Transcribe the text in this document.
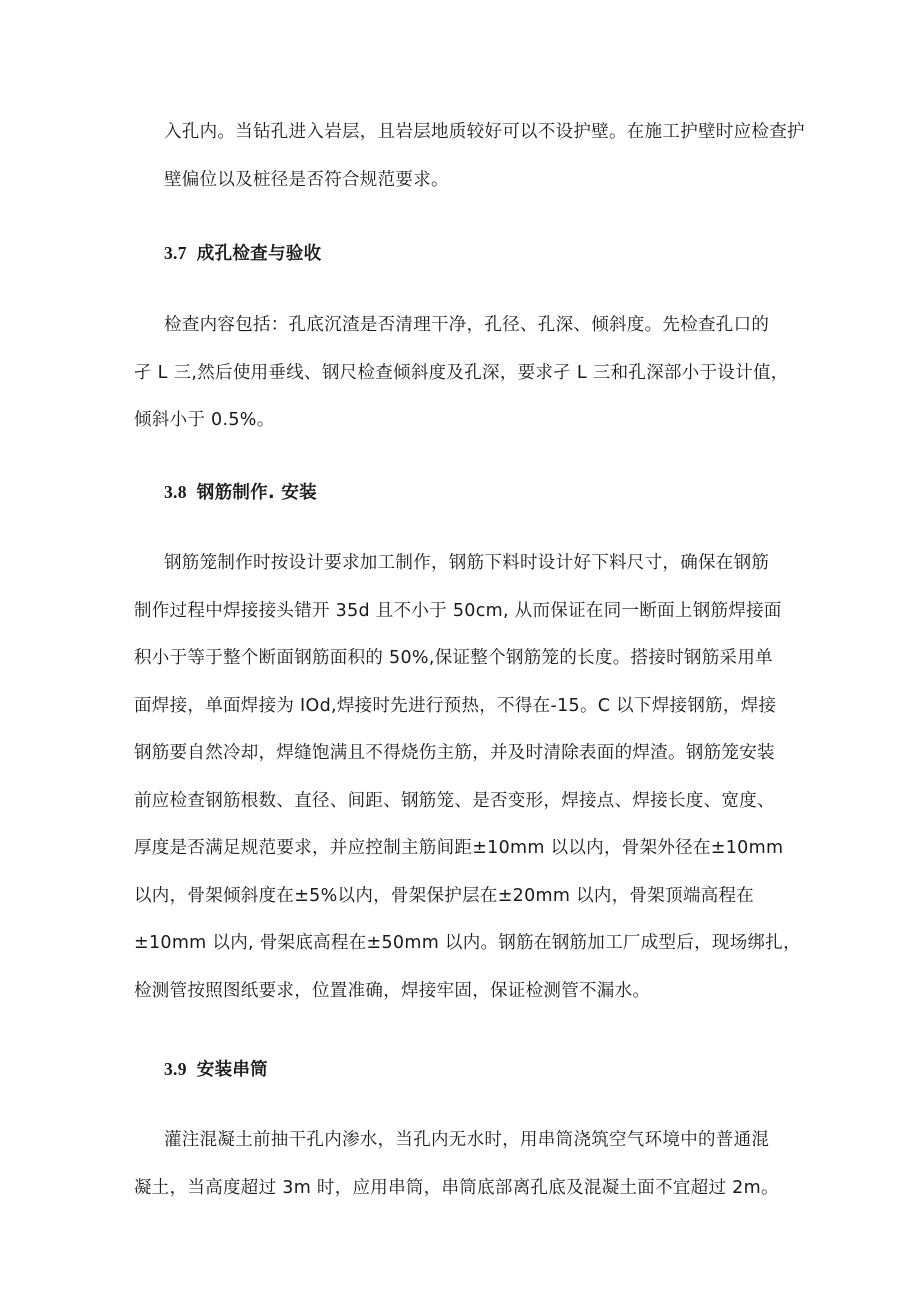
入孔内。当钻孔进入岩层，且岩层地质较好可以不设护壁。在施工护壁时应检查护
壁偏位以及桩径是否符合规范要求。
3.7 成孔检查与验收
检查内容包括：孔底沉渣是否清理干净，孔径、孔深、倾斜度。先检查孔口的
孑 L 三,然后使用垂线、钢尺检查倾斜度及孔深，要求孑 L 三和孔深部小于设计值，
倾斜小于 0.5%。
3.8 钢筋制作. 安装
钢筋笼制作时按设计要求加工制作，钢筋下料时设计好下料尺寸，确保在钢筋
制作过程中焊接接头错开 35d 且不小于 50cm, 从而保证在同一断面上钢筋焊接面
积小于等于整个断面钢筋面积的 50%,保证整个钢筋笼的长度。搭接时钢筋采用单
面焊接，单面焊接为 IOd,焊接时先进行预热，不得在-15。C 以下焊接钢筋，焊接
钢筋要自然冷却，焊缝饱满且不得烧伤主筋，并及时清除表面的焊渣。钢筋笼安装
前应检查钢筋根数、直径、间距、钢筋笼、是否变形，焊接点、焊接长度、宽度、
厚度是否满足规范要求，并应控制主筋间距±10mm 以以内，骨架外径在±10mm
以内，骨架倾斜度在±5%以内，骨架保护层在±20mm 以内，骨架顶端高程在
±10mm 以内, 骨架底高程在±50mm 以内。钢筋在钢筋加工厂成型后，现场绑扎，
检测管按照图纸要求，位置准确，焊接牢固，保证检测管不漏水。
3.9 安装串筒
灌注混凝土前抽干孔内渗水，当孔内无水时，用串筒浇筑空气环境中的普通混
凝土，当高度超过 3m 时，应用串筒，串筒底部离孔底及混凝土面不宜超过 2m。
